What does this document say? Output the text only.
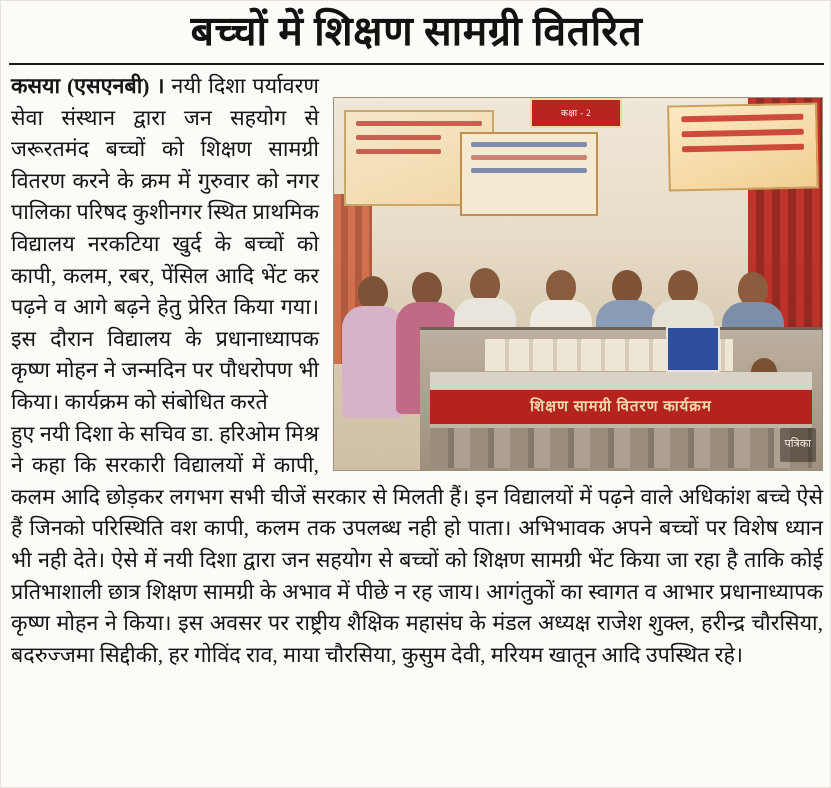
बच्चों में शिक्षण सामग्री वितरित
कक्षा - 2
शिक्षण सामग्री वितरण कार्यक्रम
पत्रिका

कसया (एसएनबी) । नयी दिशा पर्यावरण सेवा संस्थान द्वारा जन सहयोग से जरूरतमंद बच्चों को शिक्षण सामग्री वितरण करने के क्रम में गुरुवार को नगर पालिका परिषद कुशीनगर स्थित प्राथमिक विद्यालय नरकटिया खुर्द के बच्चों को कापी, कलम, रबर, पेंसिल आदि भेंट कर पढ़ने व आगे बढ़ने हेतु प्रेरित किया गया। इस दौरान विद्यालय के प्रधानाध्यापक कृष्ण मोहन ने जन्मदिन पर पौधरोपण भी किया। कार्यक्रम को संबोधित करते

हुए नयी दिशा के सचिव डा. हरिओम मिश्र ने कहा कि सरकारी विद्यालयों में कापी, कलम आदि छोड़कर लगभग सभी चीजें सरकार से मिलती हैं। इन विद्यालयों में पढ़ने वाले अधिकांश बच्चे ऐसे हैं जिनको परिस्थिति वश कापी, कलम तक उपलब्ध नही हो पाता। अभिभावक अपने बच्चों पर विशेष ध्यान भी नही देते। ऐसे में नयी दिशा द्वारा जन सहयोग से बच्चों को शिक्षण सामग्री भेंट किया जा रहा है ताकि कोई प्रतिभाशाली छात्र शिक्षण सामग्री के अभाव में पीछे न रह जाय। आगंतुकों का स्वागत व आभार प्रधानाध्यापक कृष्ण मोहन ने किया। इस अवसर पर राष्ट्रीय शैक्षिक महासंघ के मंडल अध्यक्ष राजेश शुक्ल, हरीन्द्र चौरसिया, बदरुज्जमा सिद्दीकी, हर गोविंद राव, माया चौरसिया, कुसुम देवी, मरियम खातून आदि उपस्थित रहे।
